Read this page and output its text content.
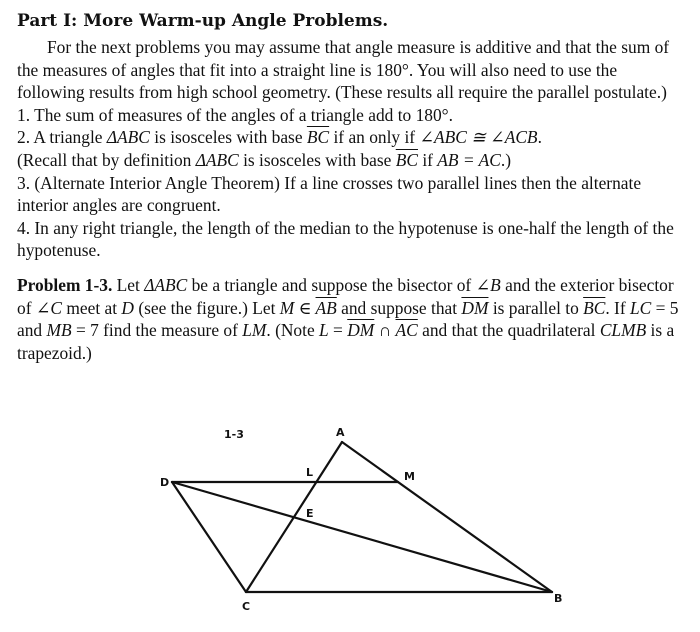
Part I: More Warm-up Angle Problems.

For the next problems you may assume that angle measure is additive and that the sum of the measures of angles that fit into a straight line is 180°. You will also need to use the following results from high school geometry. (These results all require the parallel postulate.)

1. The sum of measures of the angles of a triangle add to 180°.

2. A triangle ΔABC is isosceles with base $\overline{BC}$ if an only if ∠ABC ≅ ∠ACB.
(Recall that by definition ΔABC is isosceles with base $\overline{BC}$ if AB = AC.)

3. (Alternate Interior Angle Theorem) If a line crosses two parallel lines then the alternate interior angles are congruent.

4. In any right triangle, the length of the median to the hypotenuse is one-half the length of the hypotenuse.

Problem 1-3. Let ΔABC be a triangle and suppose the bisector of ∠B and the exterior bisector of ∠C meet at D (see the figure.) Let M ∈ $\overline{AB}$ and suppose that $\overline{DM}$ is parallel to $\overline{BC}$. If LC = 5 and MB = 7 find the measure of LM. (Note $L = \overline{DM}$ ∩ $\overline{AC}$ and that the quadrilateral CLMB is a trapezoid.)

1-3	A
L	M
D
E
C
B
